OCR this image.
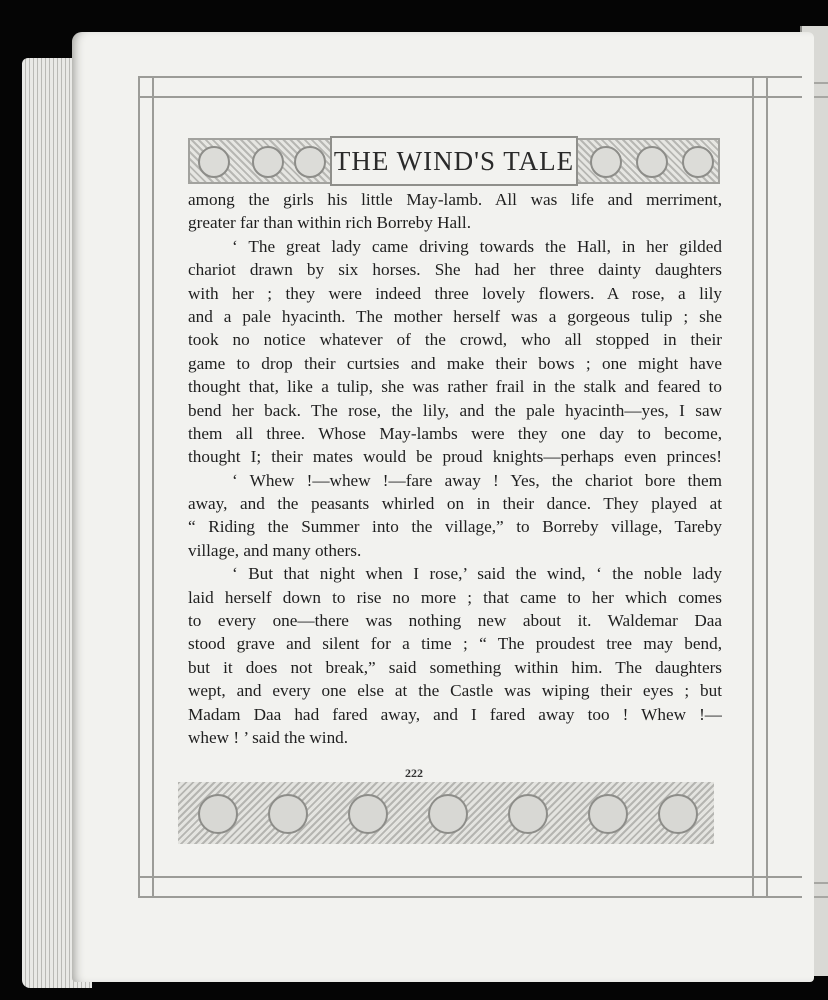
THE WIND'S TALE
among the girls his little May-lamb. All was life and merriment,
greater far than within rich Borreby Hall.
‘ The great lady came driving towards the Hall, in her gilded
chariot drawn by six horses. She had her three dainty daughters
with her ; they were indeed three lovely flowers. A rose, a lily
and a pale hyacinth. The mother herself was a gorgeous tulip ; she
took no notice whatever of the crowd, who all stopped in their
game to drop their curtsies and make their bows ; one might have
thought that, like a tulip, she was rather frail in the stalk and feared to
bend her back. The rose, the lily, and the pale hyacinth—yes, I saw
them all three. Whose May-lambs were they one day to become,
thought I; their mates would be proud knights—perhaps even princes!
‘ Whew !—whew !—fare away ! Yes, the chariot bore them
away, and the peasants whirled on in their dance. They played at
“ Riding the Summer into the village,” to Borreby village, Tareby
village, and many others.
‘ But that night when I rose,’ said the wind, ‘ the noble lady
laid herself down to rise no more ; that came to her which comes
to every one—there was nothing new about it. Waldemar Daa
stood grave and silent for a time ; “ The proudest tree may bend,
but it does not break,” said something within him. The daughters
wept, and every one else at the Castle was wiping their eyes ; but
Madam Daa had fared away, and I fared away too ! Whew !—
whew ! ’ said the wind.
222
